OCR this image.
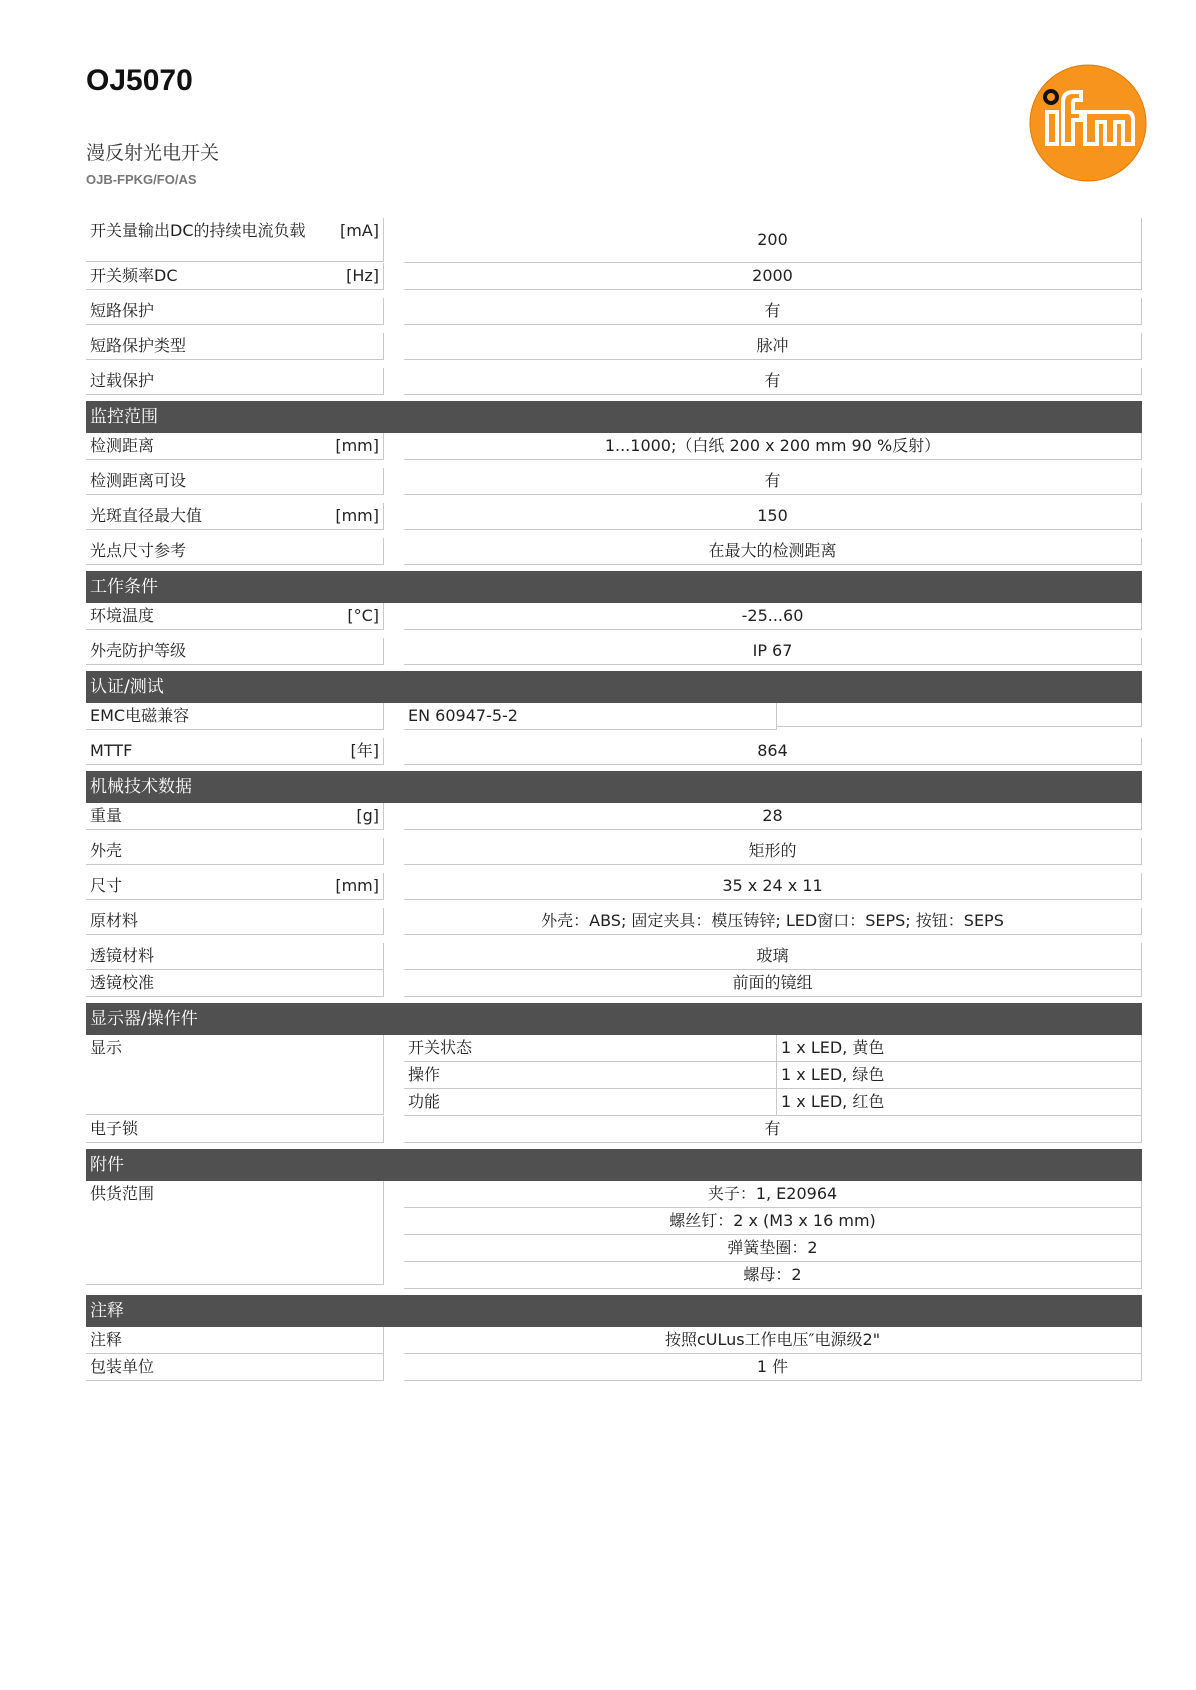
OJ5070
漫反射光电开关
OJB-FPKG/FO/AS
开关量输出DC的持续电流负载 [mA]		200	

开关频率DC [Hz]		2000	

短路保护		有	

短路保护类型		脉冲	

过载保护		有	

监控范围			

检测距离 [mm]		1...1000;（白纸 200 x 200 mm 90 %反射）	

检测距离可设		有	

光斑直径最大值 [mm]		150	

光点尺寸参考		在最大的检测距离	

工作条件			

环境温度 [°C]		-25...60	

外壳防护等级		IP 67	

认证/测试			

EMC电磁兼容		EN 60947-5-2	

MTTF [年]		864	

机械技术数据			

重量 [g]		28	

外壳		矩形的	

尺寸 [mm]		35 x 24 x 11	

原材料		外壳：ABS; 固定夹具：模压铸锌; LED窗口：SEPS; 按钮：SEPS	

透镜材料		玻璃	

透镜校准		前面的镜组	

显示器/操作件			

显示		开关状态	1 x LED, 黄色

		操作	1 x LED, 绿色

		功能	1 x LED, 红色

电子锁		有	

附件			

供货范围		夹子：1, E20964	

		螺丝钉：2 x (M3 x 16 mm)	

		弹簧垫圈：2	

		螺母：2	

注释			

注释		按照cULus工作电压″电源级2"	

包装单位		1 件	
